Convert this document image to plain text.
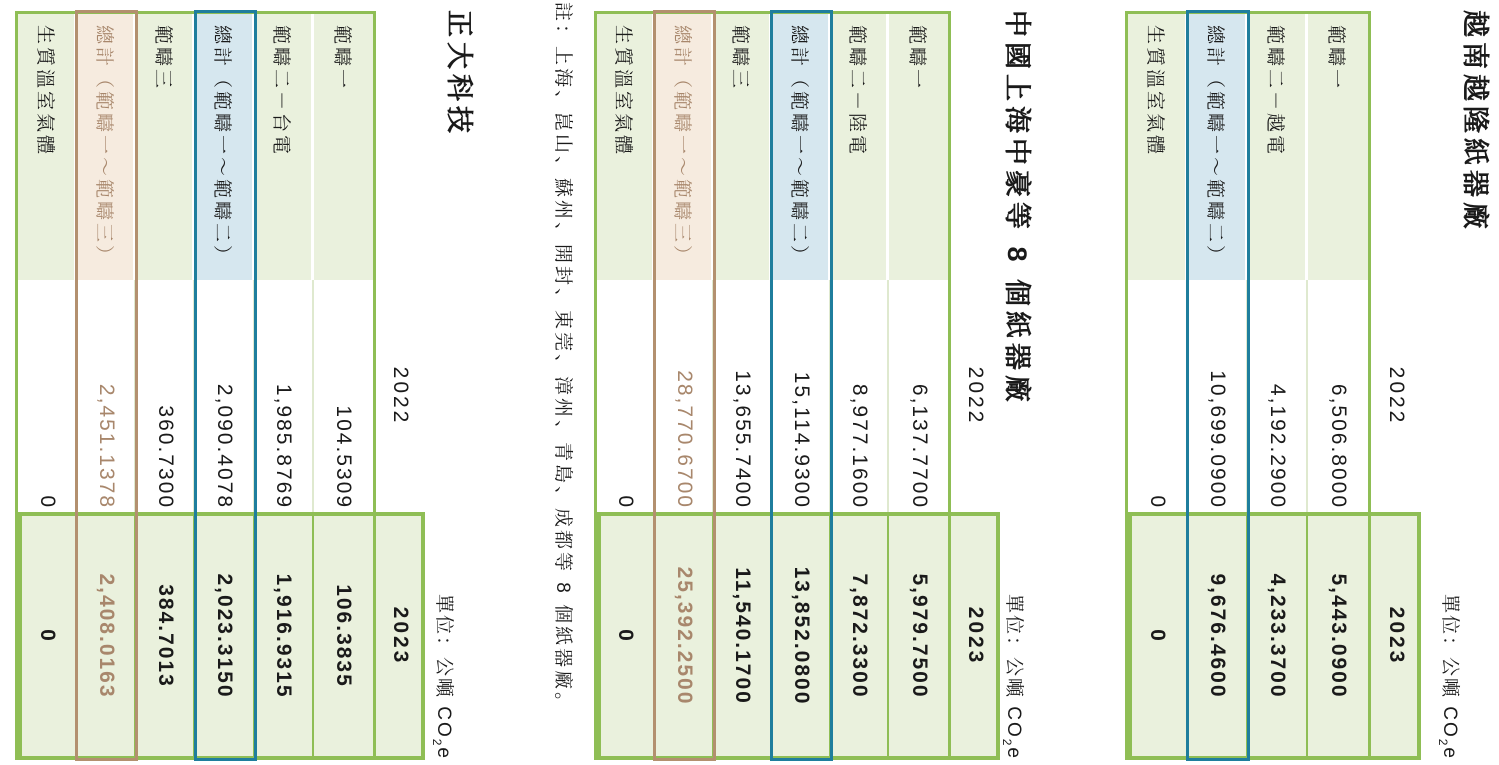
越南越隆紙器廠
單位：公噸 $CO_2e$
2022
2023
範疇一
6,506.8000
5,443.0900
範疇二－越電
4,192.2900
4,233.3700
總計（範疇一～範疇二）
10,699.0900
9,676.4600
生質溫室氣體
0
0
中國上海中豪等 8 個紙器廠
單位：公噸 $CO_2e$
2022
2023
範疇一
6,137.7700
5,979.7500
範疇二－陸電
8,977.1600
7,872.3300
總計（範疇一～範疇二）
15,114.9300
13,852.0800
範疇三
13,655.7400
11,540.1700
總計（範疇一～範疇三）
28,770.6700
25,392.2500
生質溫室氣體
0
0
註：上海、崑山、蘇州、開封、東莞、漳州、青島、成都等 8 個紙器廠。
正大科技
單位：公噸 $CO_2e$
2022
2023
範疇一
104.5309
106.3835
範疇二－台電
1,985.8769
1,916.9315
總計（範疇一～範疇二）
2,090.4078
2,023.3150
範疇三
360.7300
384.7013
總計（範疇一～範疇三）
2,451.1378
2,408.0163
生質溫室氣體
0
0
